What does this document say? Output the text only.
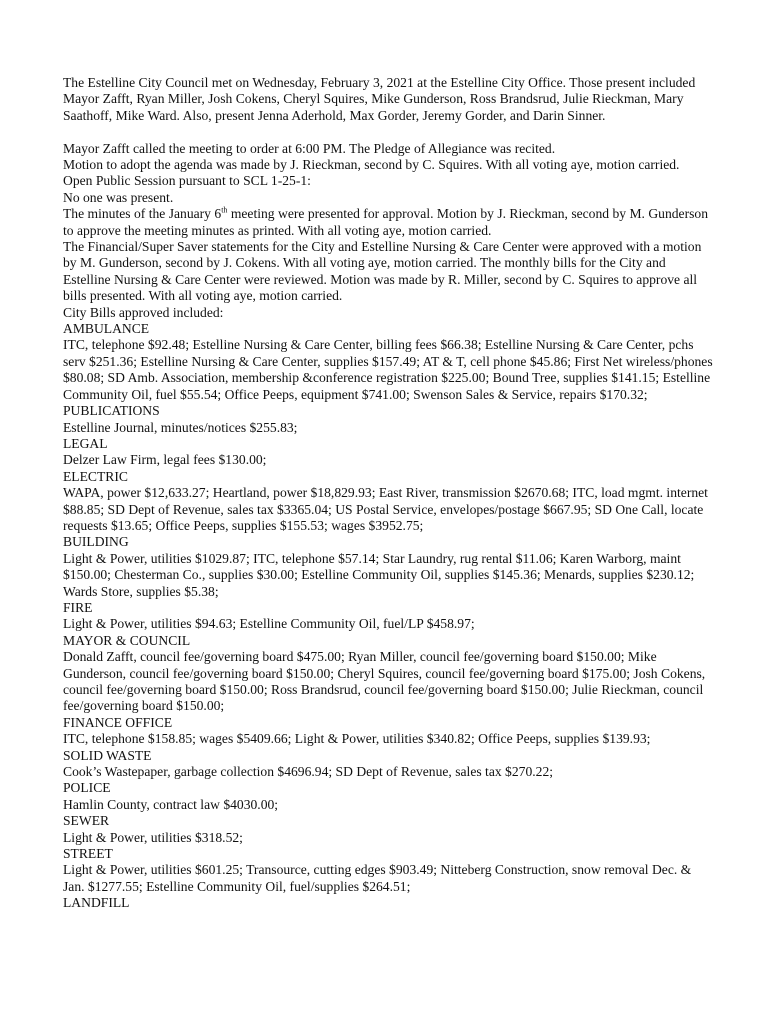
The Estelline City Council met on Wednesday, February 3, 2021 at the Estelline City Office. Those present included Mayor Zafft, Ryan Miller, Josh Cokens, Cheryl Squires, Mike Gunderson, Ross Brandsrud, Julie Rieckman, Mary Saathoff, Mike Ward. Also, present Jenna Aderhold, Max Gorder, Jeremy Gorder, and Darin Sinner.

Mayor Zafft called the meeting to order at 6:00 PM. The Pledge of Allegiance was recited.

Motion to adopt the agenda was made by J. Rieckman, second by C. Squires. With all voting aye, motion carried.

Open Public Session pursuant to SCL 1-25-1:

No one was present.

The minutes of the January 6th meeting were presented for approval. Motion by J. Rieckman, second by M. Gunderson to approve the meeting minutes as printed. With all voting aye, motion carried.

The Financial/Super Saver statements for the City and Estelline Nursing & Care Center were approved with a motion by M. Gunderson, second by J. Cokens. With all voting aye, motion carried. The monthly bills for the City and Estelline Nursing & Care Center were reviewed. Motion was made by R. Miller, second by C. Squires to approve all bills presented. With all voting aye, motion carried.

City Bills approved included:

AMBULANCE

ITC, telephone $92.48; Estelline Nursing & Care Center, billing fees $66.38; Estelline Nursing & Care Center, pchs serv $251.36; Estelline Nursing & Care Center, supplies $157.49; AT & T, cell phone $45.86; First Net wireless/phones $80.08; SD Amb. Association, membership &conference registration $225.00; Bound Tree, supplies $141.15; Estelline Community Oil, fuel $55.54; Office Peeps, equipment $741.00; Swenson Sales & Service, repairs $170.32;

PUBLICATIONS

Estelline Journal, minutes/notices $255.83;

LEGAL

Delzer Law Firm, legal fees $130.00;

ELECTRIC

WAPA, power $12,633.27; Heartland, power $18,829.93; East River, transmission $2670.68; ITC, load mgmt. internet $88.85; SD Dept of Revenue, sales tax $3365.04; US Postal Service, envelopes/postage $667.95; SD One Call, locate requests $13.65; Office Peeps, supplies $155.53; wages $3952.75;

BUILDING

Light & Power, utilities $1029.87; ITC, telephone $57.14; Star Laundry, rug rental $11.06; Karen Warborg, maint $150.00; Chesterman Co., supplies $30.00; Estelline Community Oil, supplies $145.36; Menards, supplies $230.12; Wards Store, supplies $5.38;

FIRE

Light & Power, utilities $94.63; Estelline Community Oil, fuel/LP $458.97;

MAYOR & COUNCIL

Donald Zafft, council fee/governing board $475.00; Ryan Miller, council fee/governing board $150.00; Mike Gunderson, council fee/governing board $150.00; Cheryl Squires, council fee/governing board $175.00; Josh Cokens, council fee/governing board $150.00; Ross Brandsrud, council fee/governing board $150.00; Julie Rieckman, council fee/governing board $150.00;

FINANCE OFFICE

ITC, telephone $158.85; wages $5409.66; Light & Power, utilities $340.82; Office Peeps, supplies $139.93;

SOLID WASTE

Cook’s Wastepaper, garbage collection $4696.94; SD Dept of Revenue, sales tax $270.22;

POLICE

Hamlin County, contract law $4030.00;

SEWER

Light & Power, utilities $318.52;

STREET

Light & Power, utilities $601.25; Transource, cutting edges $903.49; Nitteberg Construction, snow removal Dec. & Jan. $1277.55; Estelline Community Oil, fuel/supplies $264.51;

LANDFILL
